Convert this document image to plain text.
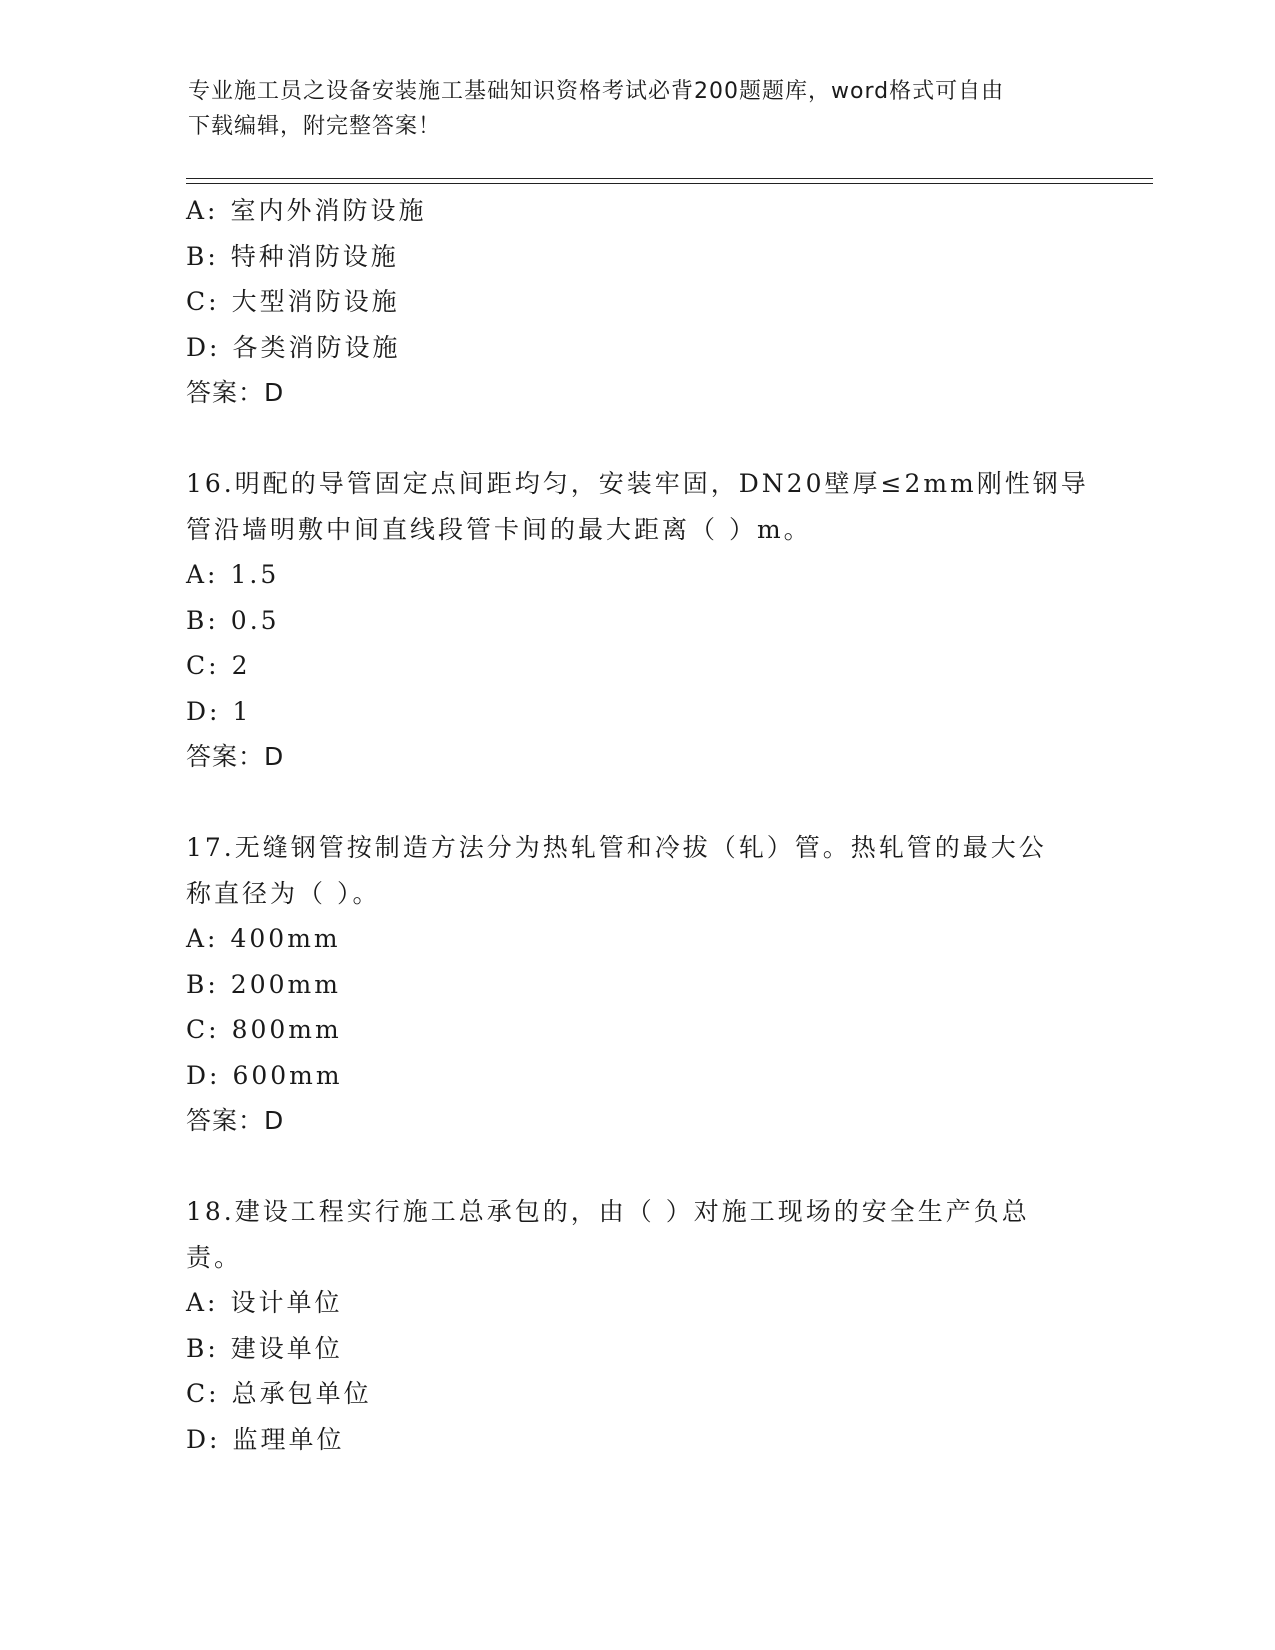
专业施工员之设备安装施工基础知识资格考试必背200题题库，word格式可自由
下载编辑，附完整答案！
A: 室内外消防设施
B: 特种消防设施
C: 大型消防设施
D: 各类消防设施
答案：D
16.明配的导管固定点间距均匀，安装牢固，DN20壁厚≤2mm刚性钢导
管沿墙明敷中间直线段管卡间的最大距离（ ）m。
A: 1.5
B: 0.5
C: 2
D: 1
答案：D
17.无缝钢管按制造方法分为热轧管和冷拔（轧）管。热轧管的最大公
称直径为（ ）。
A: 400mm
B: 200mm
C: 800mm
D: 600mm
答案：D
18.建设工程实行施工总承包的，由（ ）对施工现场的安全生产负总
责。
A: 设计单位
B: 建设单位
C: 总承包单位
D: 监理单位
